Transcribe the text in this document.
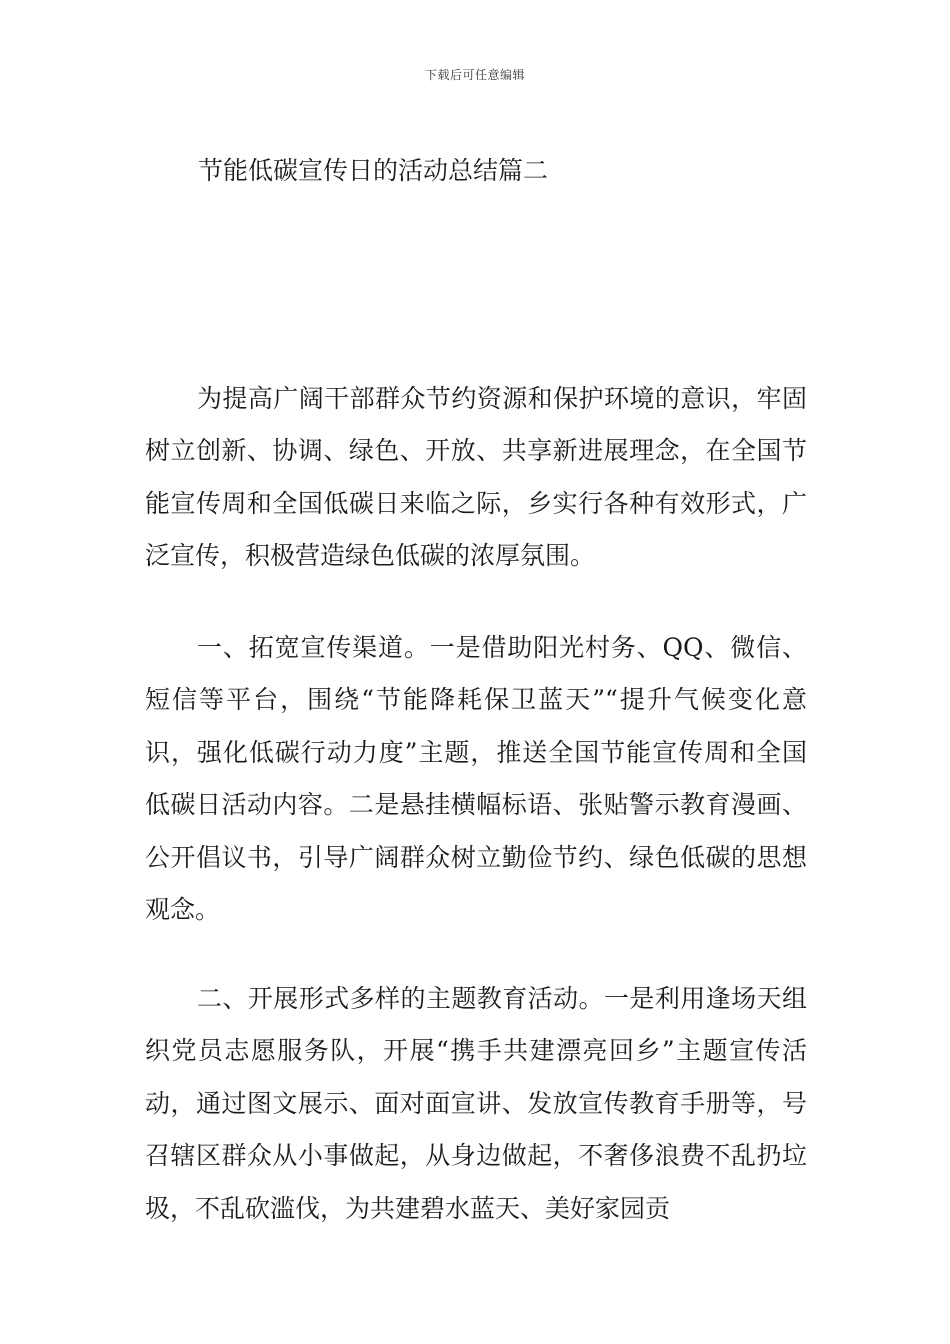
下载后可任意编辑
节能低碳宣传日的活动总结篇二

为提高广阔干部群众节约资源和保护环境的意识，牢固树立创新、协调、绿色、开放、共享新进展理念，在全国节能宣传周和全国低碳日来临之际，乡实行各种有效形式，广泛宣传，积极营造绿色低碳的浓厚氛围。

一、拓宽宣传渠道。一是借助阳光村务、QQ、微信、短信等平台，围绕“节能降耗保卫蓝天”“提升气候变化意识，强化低碳行动力度”主题，推送全国节能宣传周和全国低碳日活动内容。二是悬挂横幅标语、张贴警示教育漫画、公开倡议书，引导广阔群众树立勤俭节约、绿色低碳的思想观念。

二、开展形式多样的主题教育活动。一是利用逢场天组织党员志愿服务队，开展“携手共建漂亮回乡”主题宣传活动，通过图文展示、面对面宣讲、发放宣传教育手册等，号召辖区群众从小事做起，从身边做起，不奢侈浪费不乱扔垃圾，不乱砍滥伐，为共建碧水蓝天、美好家园贡
